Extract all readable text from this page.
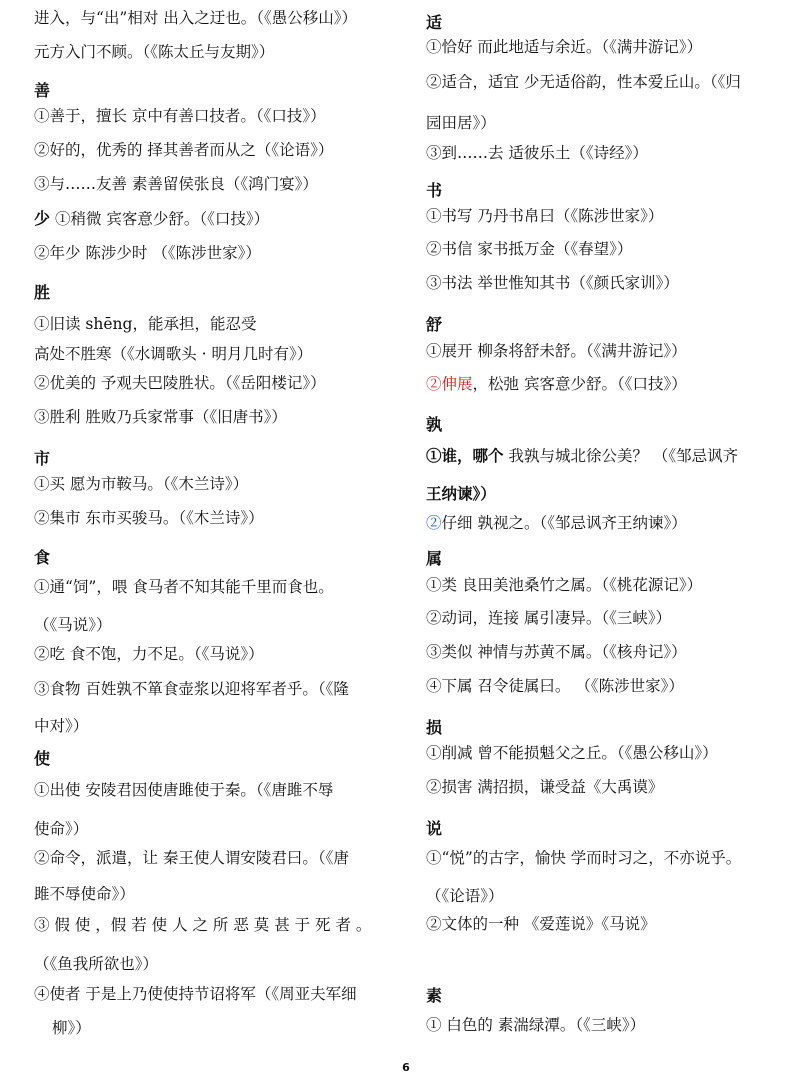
进入，与“出”相对 出入之迂也。（《愚公移山》）
元方入门不顾。（《陈太丘与友期》）
善
①善于，擅长 京中有善口技者。（《口技》）
②好的，优秀的 择其善者而从之（《论语》）
③与……友善 素善留侯张良（《鸿门宴》）
少 ①稍微 宾客意少舒。（《口技》）
②年少 陈涉少时 （《陈涉世家》）
胜
①旧读 shēng，能承担，能忍受
高处不胜寒（《水调歌头 · 明月几时有》）
②优美的 予观夫巴陵胜状。（《岳阳楼记》）
③胜利 胜败乃兵家常事（《旧唐书》）
市
①买 愿为市鞍马。（《木兰诗》）
②集市 东市买骏马。（《木兰诗》）
食
①通“饲”，喂 食马者不知其能千里而食也。
（《马说》）
②吃 食不饱，力不足。（《马说》）
③食物 百姓孰不箪食壶浆以迎将军者乎。（《隆
中对》）
使
①出使 安陵君因使唐雎使于秦。（《唐雎不辱
使命》）
②命令，派遣，让 秦王使人谓安陵君曰。（《唐
雎不辱使命》）
③ 假 使 ，假 若 使 人 之 所 恶 莫 甚 于 死 者 。
（《鱼我所欲也》）
④使者 于是上乃使使持节诏将军（《周亚夫军细
柳》）
适
①恰好 而此地适与余近。（《满井游记》）
②适合，适宜 少无适俗韵，性本爱丘山。（《归
园田居》）
③到……去 适彼乐土（《诗经》）
书
①书写 乃丹书帛曰（《陈涉世家》）
②书信 家书抵万金（《春望》）
③书法 举世惟知其书（《颜氏家训》）
舒
①展开 柳条将舒未舒。（《满井游记》）
②伸展，松弛 宾客意少舒。（《口技》）
孰
①谁，哪个 我孰与城北徐公美？ （《邹忌讽齐
王纳谏》）
②仔细 孰视之。（《邹忌讽齐王纳谏》）
属
①类 良田美池桑竹之属。（《桃花源记》）
②动词，连接 属引凄异。（《三峡》）
③类似 神情与苏黄不属。（《核舟记》）
④下属 召令徒属曰。 （《陈涉世家》）
损
①削减 曾不能损魁父之丘。（《愚公移山》）
②损害 满招损，谦受益《大禹谟》
说
①“悦”的古字，愉快 学而时习之，不亦说乎。
（《论语》）
②文体的一种 《爱莲说》《马说》
素
① 白色的 素湍绿潭。（《三峡》）
6
